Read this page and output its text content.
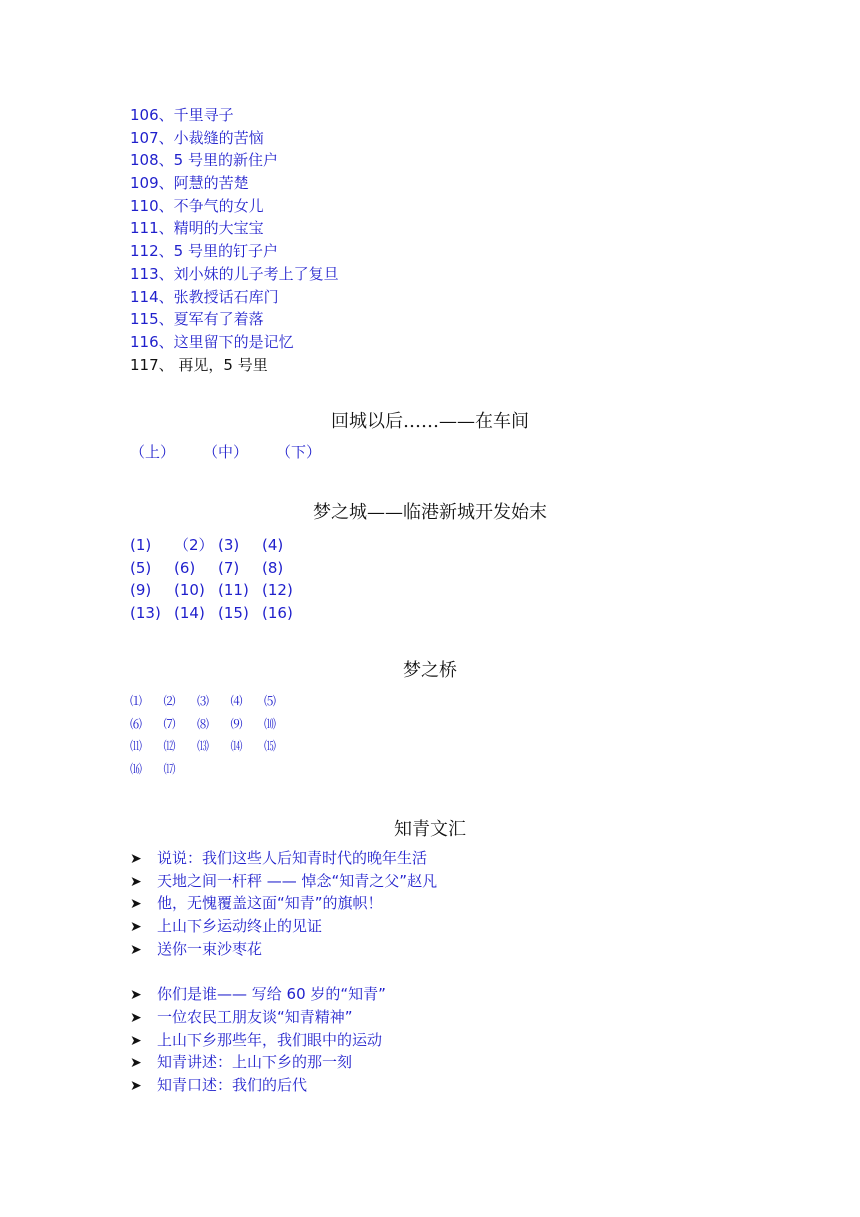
106、千里寻子
107、小裁缝的苦恼
108、5 号里的新住户
109、阿慧的苦楚
110、不争气的女儿
111、精明的大宝宝
112、5 号里的钉子户
113、刘小妹的儿子考上了复旦
114、张教授话石库门
115、夏军有了着落
116、这里留下的是记忆
117、 再见，5 号里
回城以后……——在车间
（上） （中） （下）
梦之城——临港新城开发始末
(1) （2） (3) (4)
(5) (6) (7) (8)
(9) (10) (11) (12)
(13) (14) (15) (16)
梦之桥
⑴ ⑵ ⑶ ⑷ ⑸
⑹ ⑺ ⑻ ⑼ ⑽
⑾ ⑿ ⒀ ⒁ ⒂
⒃ ⒄
知青文汇
➤ 说说：我们这些人后知青时代的晚年生活
➤ 天地之间一杆秤 —— 悼念“知青之父”赵凡
➤ 他，无愧覆盖这面“知青”的旗帜！
➤ 上山下乡运动终止的见证
➤ 送你一束沙枣花
➤ 你们是谁—— 写给 60 岁的“知青”
➤ 一位农民工朋友谈“知青精神”
➤ 上山下乡那些年，我们眼中的运动
➤ 知青讲述：上山下乡的那一刻
➤ 知青口述：我们的后代
